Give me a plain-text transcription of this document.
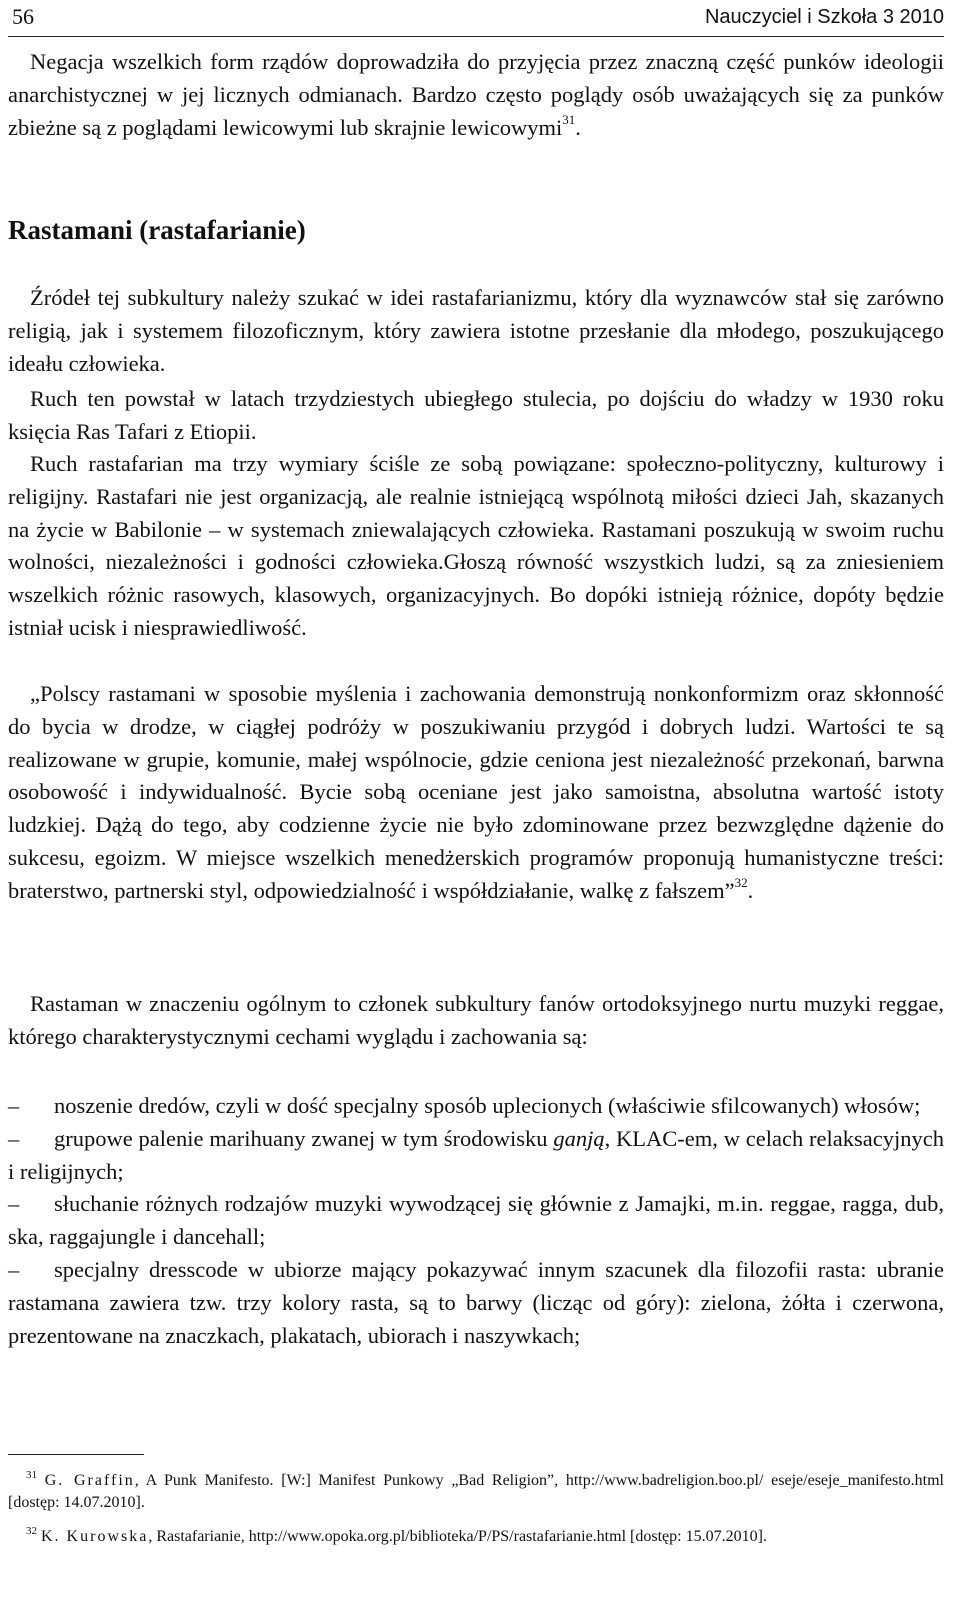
56	Nauczyciel i Szkoła 3 2010

Negacja wszelkich form rządów doprowadziła do przyjęcia przez znaczną część punków ideologii anarchistycznej w jej licznych odmianach. Bardzo często poglądy osób uważających się za punków zbieżne są z poglądami lewicowymi lub skrajnie lewicowymi$^{31}$.

Rastamani (rastafarianie)

Źródeł tej subkultury należy szukać w idei rastafarianizmu, który dla wyznawców stał się zarówno religią, jak i systemem filozoficznym, który zawiera istotne przesłanie dla młodego, poszukującego ideału człowieka.

Ruch ten powstał w latach trzydziestych ubiegłego stulecia, po dojściu do władzy w 1930 roku księcia Ras Tafari z Etiopii.

Ruch rastafarian ma trzy wymiary ściśle ze sobą powiązane: społeczno-polityczny, kulturowy i religijny. Rastafari nie jest organizacją, ale realnie istniejącą wspólnotą miłości dzieci Jah, skazanych na życie w Babilonie – w systemach zniewalających człowieka. Rastamani poszukują w swoim ruchu wolności, niezależności i godności człowieka.Głoszą równość wszystkich ludzi, są za zniesieniem wszelkich różnic rasowych, klasowych, organizacyjnych. Bo dopóki istnieją różnice, dopóty będzie istniał ucisk i niesprawiedliwość.

„Polscy rastamani w sposobie myślenia i zachowania demonstrują nonkonformizm oraz skłonność do bycia w drodze, w ciągłej podróży w poszukiwaniu przygód i dobrych ludzi. Wartości te są realizowane w grupie, komunie, małej wspólnocie, gdzie ceniona jest niezależność przekonań, barwna osobowość i indywidualność. Bycie sobą oceniane jest jako samoistna, absolutna wartość istoty ludzkiej. Dążą do tego, aby codzienne życie nie było zdominowane przez bezwzględne dążenie do sukcesu, egoizm. W miejsce wszelkich menedżerskich programów proponują humanistyczne treści: braterstwo, partnerski styl, odpowiedzialność i współdziałanie, walkę z fałszem”$^{32}$.

Rastaman w znaczeniu ogólnym to członek subkultury fanów ortodoksyjnego nurtu muzyki reggae, którego charakterystycznymi cechami wyglądu i zachowania są:

– noszenie dredów, czyli w dość specjalny sposób uplecionych (właściwie sfilcowanych) włosów;
– grupowe palenie marihuany zwanej w tym środowisku ganją, KLAC-em, w celach relaksacyjnych i religijnych;
– słuchanie różnych rodzajów muzyki wywodzącej się głównie z Jamajki, m.in. reggae, ragga, dub, ska, raggajungle i dancehall;
– specjalny dresscode w ubiorze mający pokazywać innym szacunek dla filozofii rasta: ubranie rastamana zawiera tzw. trzy kolory rasta, są to barwy (licząc od góry): zielona, żółta i czerwona, prezentowane na znaczkach, plakatach, ubiorach i naszywkach;

$^{31}$ G. Graffin, A Punk Manifesto. [W:] Manifest Punkowy „Bad Religion”, http://www.badreligion.boo.pl/ eseje/eseje_manifesto.html [dostęp: 14.07.2010].

$^{32}$ K. Kurowska, Rastafarianie, http://www.opoka.org.pl/biblioteka/P/PS/rastafarianie.html [dostęp: 15.07.2010].
